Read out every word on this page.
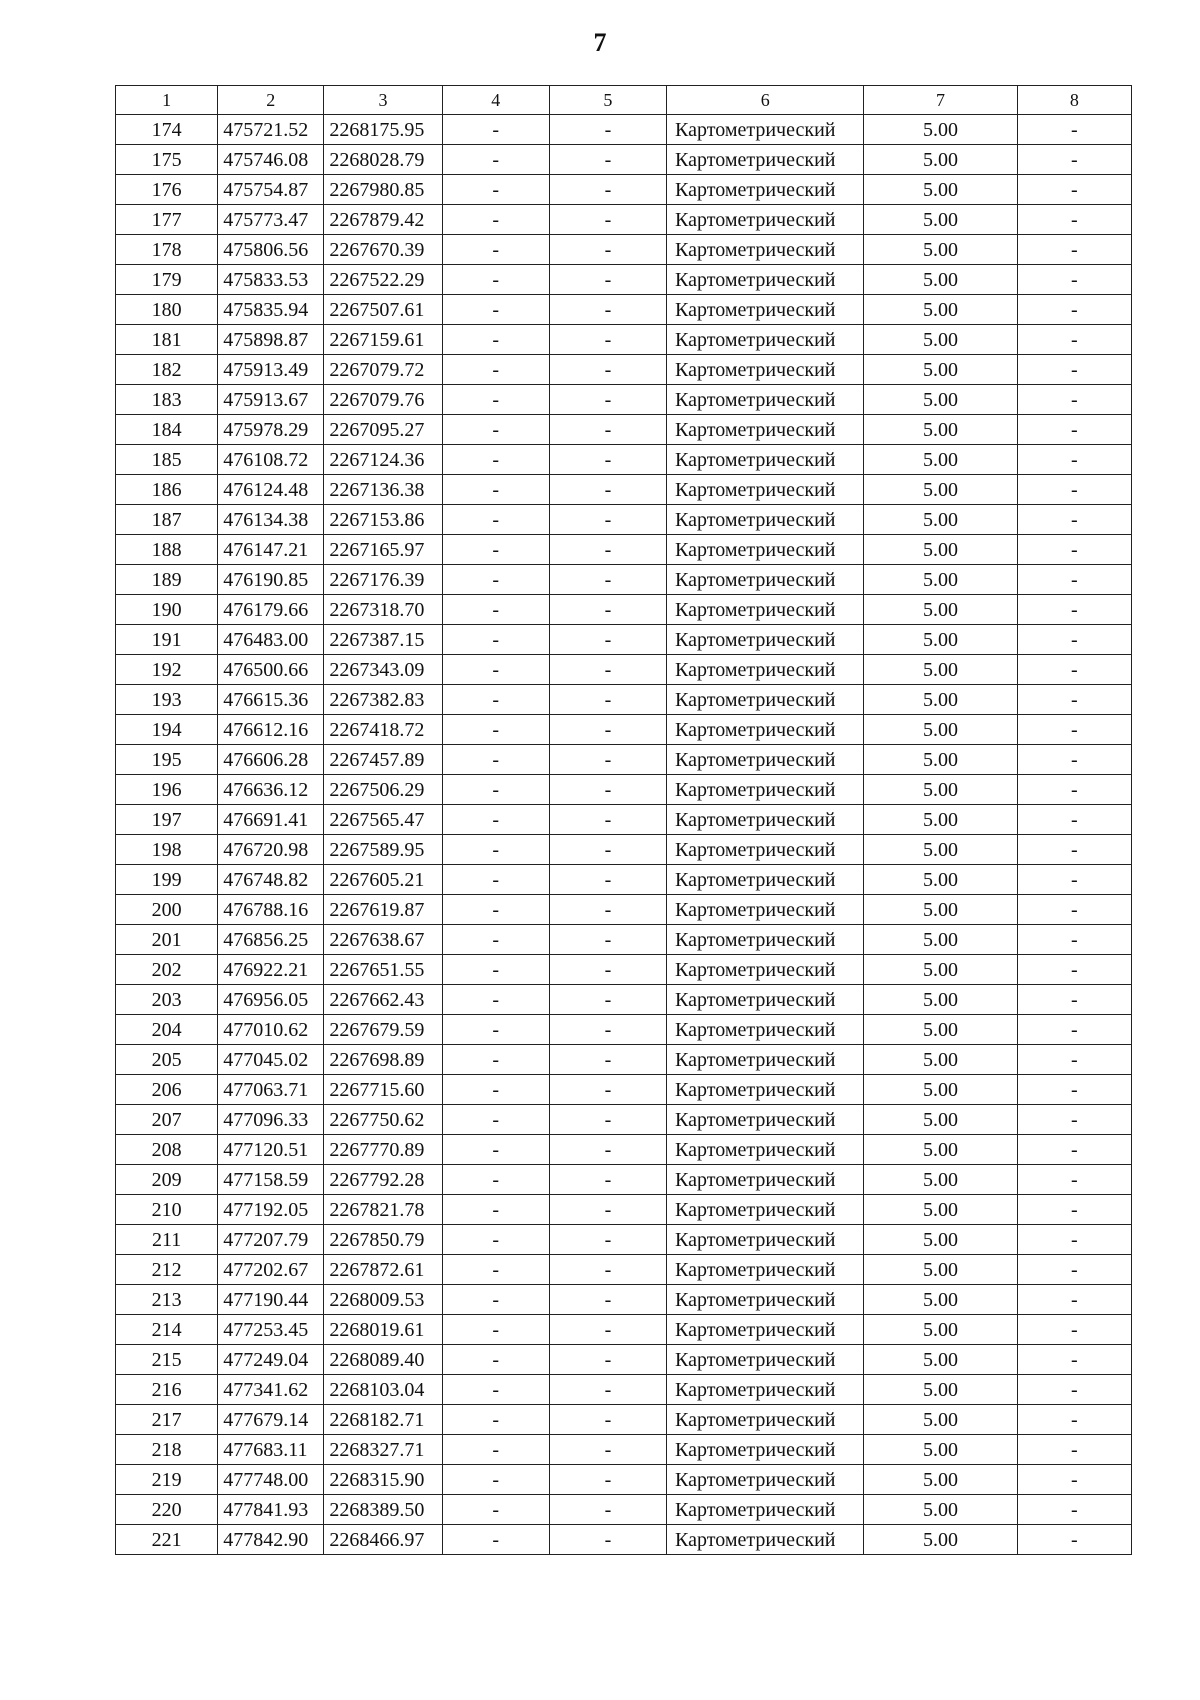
7
1	2	3	4	5	6	7	8
174	475721.52	2268175.95	-	-	Картометрический	5.00	-
175	475746.08	2268028.79	-	-	Картометрический	5.00	-
176	475754.87	2267980.85	-	-	Картометрический	5.00	-
177	475773.47	2267879.42	-	-	Картометрический	5.00	-
178	475806.56	2267670.39	-	-	Картометрический	5.00	-
179	475833.53	2267522.29	-	-	Картометрический	5.00	-
180	475835.94	2267507.61	-	-	Картометрический	5.00	-
181	475898.87	2267159.61	-	-	Картометрический	5.00	-
182	475913.49	2267079.72	-	-	Картометрический	5.00	-
183	475913.67	2267079.76	-	-	Картометрический	5.00	-
184	475978.29	2267095.27	-	-	Картометрический	5.00	-
185	476108.72	2267124.36	-	-	Картометрический	5.00	-
186	476124.48	2267136.38	-	-	Картометрический	5.00	-
187	476134.38	2267153.86	-	-	Картометрический	5.00	-
188	476147.21	2267165.97	-	-	Картометрический	5.00	-
189	476190.85	2267176.39	-	-	Картометрический	5.00	-
190	476179.66	2267318.70	-	-	Картометрический	5.00	-
191	476483.00	2267387.15	-	-	Картометрический	5.00	-
192	476500.66	2267343.09	-	-	Картометрический	5.00	-
193	476615.36	2267382.83	-	-	Картометрический	5.00	-
194	476612.16	2267418.72	-	-	Картометрический	5.00	-
195	476606.28	2267457.89	-	-	Картометрический	5.00	-
196	476636.12	2267506.29	-	-	Картометрический	5.00	-
197	476691.41	2267565.47	-	-	Картометрический	5.00	-
198	476720.98	2267589.95	-	-	Картометрический	5.00	-
199	476748.82	2267605.21	-	-	Картометрический	5.00	-
200	476788.16	2267619.87	-	-	Картометрический	5.00	-
201	476856.25	2267638.67	-	-	Картометрический	5.00	-
202	476922.21	2267651.55	-	-	Картометрический	5.00	-
203	476956.05	2267662.43	-	-	Картометрический	5.00	-
204	477010.62	2267679.59	-	-	Картометрический	5.00	-
205	477045.02	2267698.89	-	-	Картометрический	5.00	-
206	477063.71	2267715.60	-	-	Картометрический	5.00	-
207	477096.33	2267750.62	-	-	Картометрический	5.00	-
208	477120.51	2267770.89	-	-	Картометрический	5.00	-
209	477158.59	2267792.28	-	-	Картометрический	5.00	-
210	477192.05	2267821.78	-	-	Картометрический	5.00	-
211	477207.79	2267850.79	-	-	Картометрический	5.00	-
212	477202.67	2267872.61	-	-	Картометрический	5.00	-
213	477190.44	2268009.53	-	-	Картометрический	5.00	-
214	477253.45	2268019.61	-	-	Картометрический	5.00	-
215	477249.04	2268089.40	-	-	Картометрический	5.00	-
216	477341.62	2268103.04	-	-	Картометрический	5.00	-
217	477679.14	2268182.71	-	-	Картометрический	5.00	-
218	477683.11	2268327.71	-	-	Картометрический	5.00	-
219	477748.00	2268315.90	-	-	Картометрический	5.00	-
220	477841.93	2268389.50	-	-	Картометрический	5.00	-
221	477842.90	2268466.97	-	-	Картометрический	5.00	-
